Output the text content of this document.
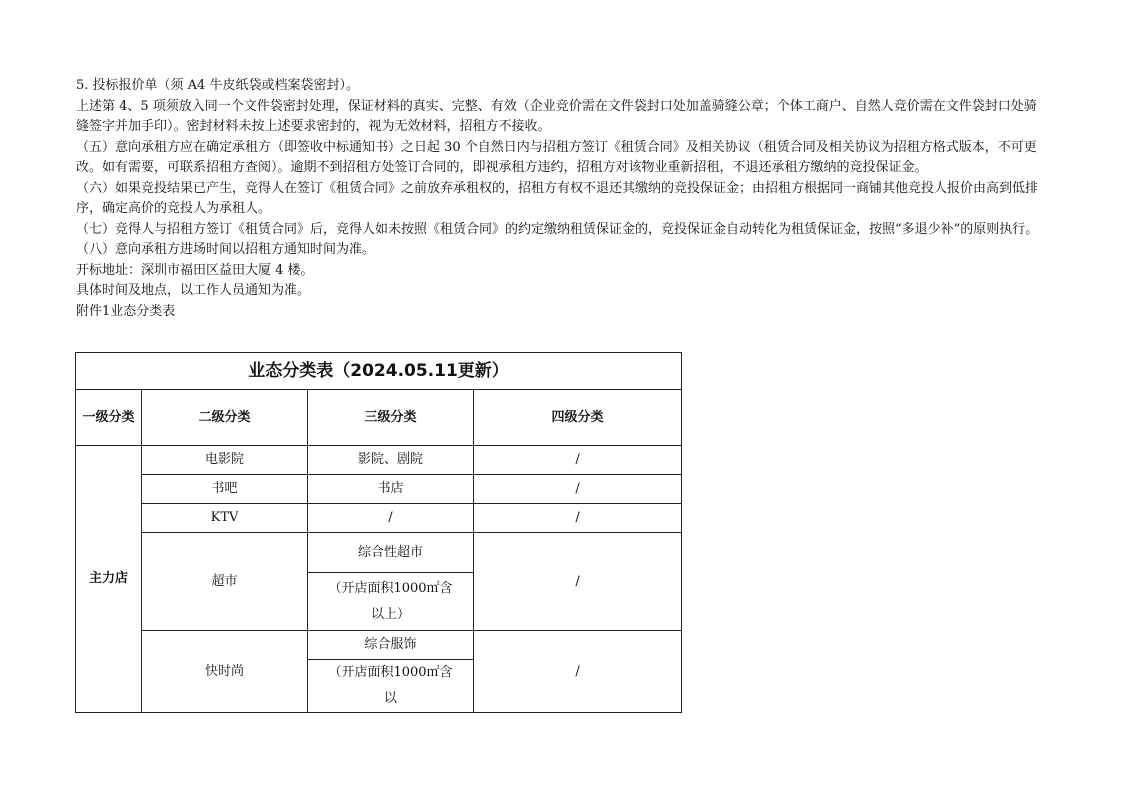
5. 投标报价单（须 A4 牛皮纸袋或档案袋密封）。

上述第 4、5 项须放入同一个文件袋密封处理，保证材料的真实、完整、有效（企业竞价需在文件袋封口处加盖骑缝公章；个体工商户、自然人竞价需在文件袋封口处骑缝签字并加手印）。密封材料未按上述要求密封的，视为无效材料，招租方不接收。

（五）意向承租方应在确定承租方（即签收中标通知书）之日起 30 个自然日内与招租方签订《租赁合同》及相关协议（租赁合同及相关协议为招租方格式版本，不可更改。如有需要，可联系招租方查阅）。逾期不到招租方处签订合同的，即视承租方违约，招租方对该物业重新招租，不退还承租方缴纳的竞投保证金。

（六）如果竞投结果已产生，竞得人在签订《租赁合同》之前放弃承租权的，招租方有权不退还其缴纳的竞投保证金；由招租方根据同一商铺其他竞投人报价由高到低排序，确定高价的竞投人为承租人。

（七）竞得人与招租方签订《租赁合同》后，竞得人如未按照《租赁合同》的约定缴纳租赁保证金的，竞投保证金自动转化为租赁保证金，按照“多退少补”的原则执行。

（八）意向承租方进场时间以招租方通知时间为准。

开标地址：深圳市福田区益田大厦 4 楼。

具体时间及地点，以工作人员通知为准。

附件1业态分类表

业态分类表（2024.05.11更新）			
一级分类	二级分类	三级分类	四级分类
主力店	电影院	影院、剧院	/
	书吧	书店	/
	KTV	/	/
	超市	综合性超市	/
		（开店面积1000㎡含以上）	
	快时尚	综合服饰	/
		（开店面积1000㎡含以	
